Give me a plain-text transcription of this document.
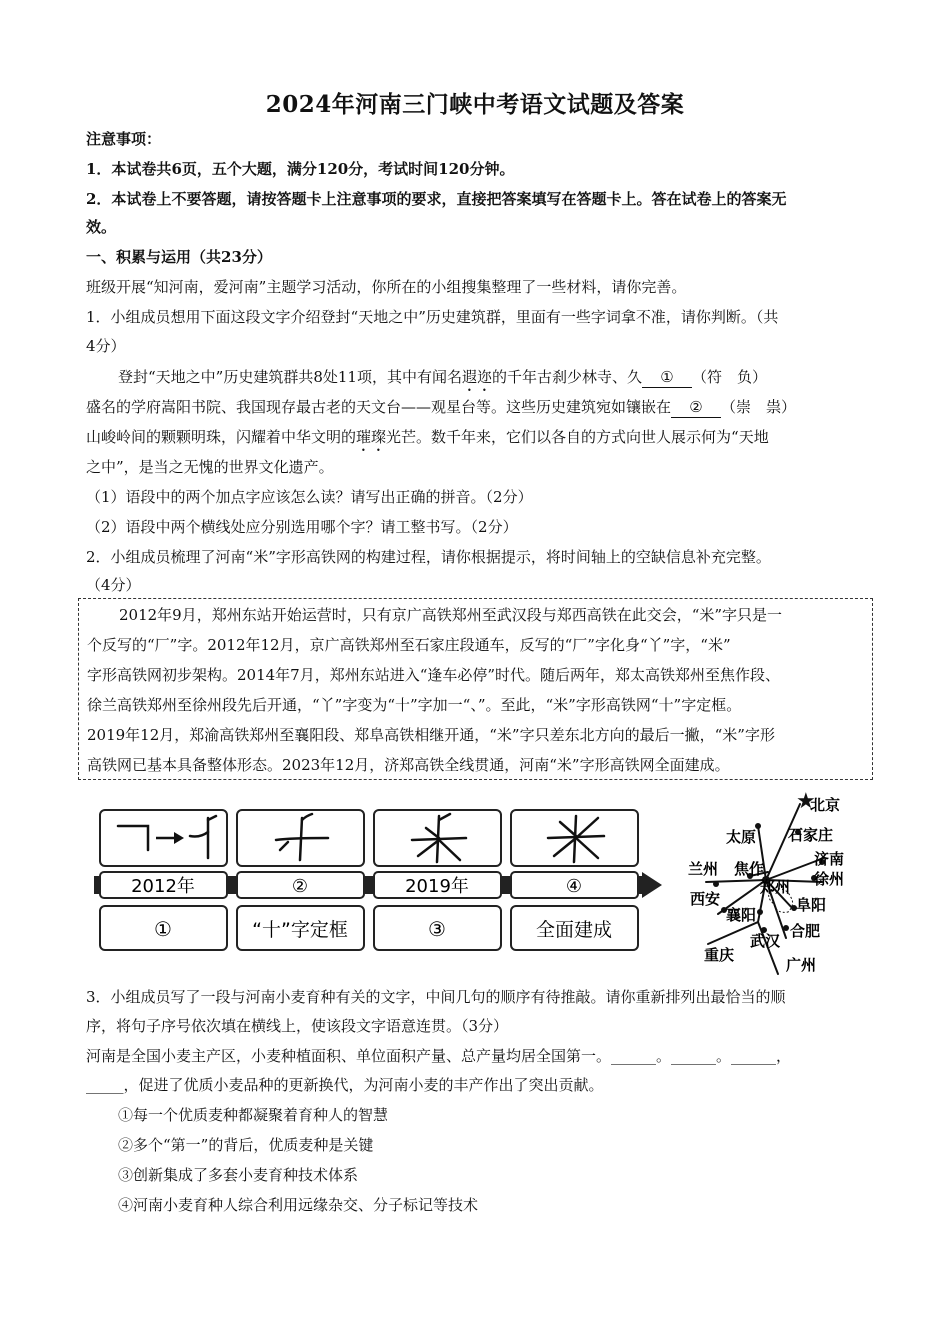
2024年河南三门峡中考语文试题及答案
注意事项：
1．本试卷共6页，五个大题，满分120分，考试时间120分钟。
2．本试卷上不要答题，请按答题卡上注意事项的要求，直接把答案填写在答题卡上。答在试卷上的答案无
效。
一、积累与运用（共23分）
班级开展“知河南，爱河南”主题学习活动，你所在的小组搜集整理了一些材料，请你完善。
1．小组成员想用下面这段文字介绍登封“天地之中”历史建筑群，里面有一些字词拿不准，请你判断。（共
4分）
登封“天地之中”历史建筑群共8处11项，其中有闻名遐迩的千年古刹少林寺、久 ① （符　负）
盛名的学府嵩阳书院、我国现存最古老的天文台——观星台等。这些历史建筑宛如镶嵌在 ② （崇　祟）
山峻岭间的颗颗明珠，闪耀着中华文明的璀璨光芒。数千年来，它们以各自的方式向世人展示何为“天地
之中”，是当之无愧的世界文化遗产。
（1）语段中的两个加点字应该怎么读？请写出正确的拼音。（2分）
（2）语段中两个横线处应分别选用哪个字？请工整书写。（2分）
2．小组成员梳理了河南“米”字形高铁网的构建过程，请你根据提示，将时间轴上的空缺信息补充完整。
（4分）
2012年9月，郑州东站开始运营时，只有京广高铁郑州至武汉段与郑西高铁在此交会，“米”字只是一
个反写的“厂”字。2012年12月，京广高铁郑州至石家庄段通车，反写的“厂”字化身“丫”字，“米”
字形高铁网初步架构。2014年7月，郑州东站进入“逢车必停”时代。随后两年，郑太高铁郑州至焦作段、
徐兰高铁郑州至徐州段先后开通，“丫”字变为“十”字加一“、”。至此，“米”字形高铁网“十”字定框。
2019年12月，郑渝高铁郑州至襄阳段、郑阜高铁相继开通，“米”字只差东北方向的最后一撇，“米”字形
高铁网已基本具备整体形态。2023年12月，济郑高铁全线贯通，河南“米”字形高铁网全面建成。
2012年	②	2019年	④
①	“十”字定框	③	全面建成
★
北京
太原 石家庄
兰州 焦作
济南
徐州
西安
郑州
襄阳
阜阳
武汉
合肥
重庆
广州
3．小组成员写了一段与河南小麦育种有关的文字，中间几句的顺序有待推敲。请你重新排列出最恰当的顺
序，将句子序号依次填在横线上，使该段文字语意连贯。（3分）
河南是全国小麦主产区，小麦种植面积、单位面积产量、总产量均居全国第一。______。______。______，
_____，促进了优质小麦品种的更新换代，为河南小麦的丰产作出了突出贡献。
①每一个优质麦种都凝聚着育种人的智慧
②多个“第一”的背后，优质麦种是关键
③创新集成了多套小麦育种技术体系
④河南小麦育种人综合利用远缘杂交、分子标记等技术
